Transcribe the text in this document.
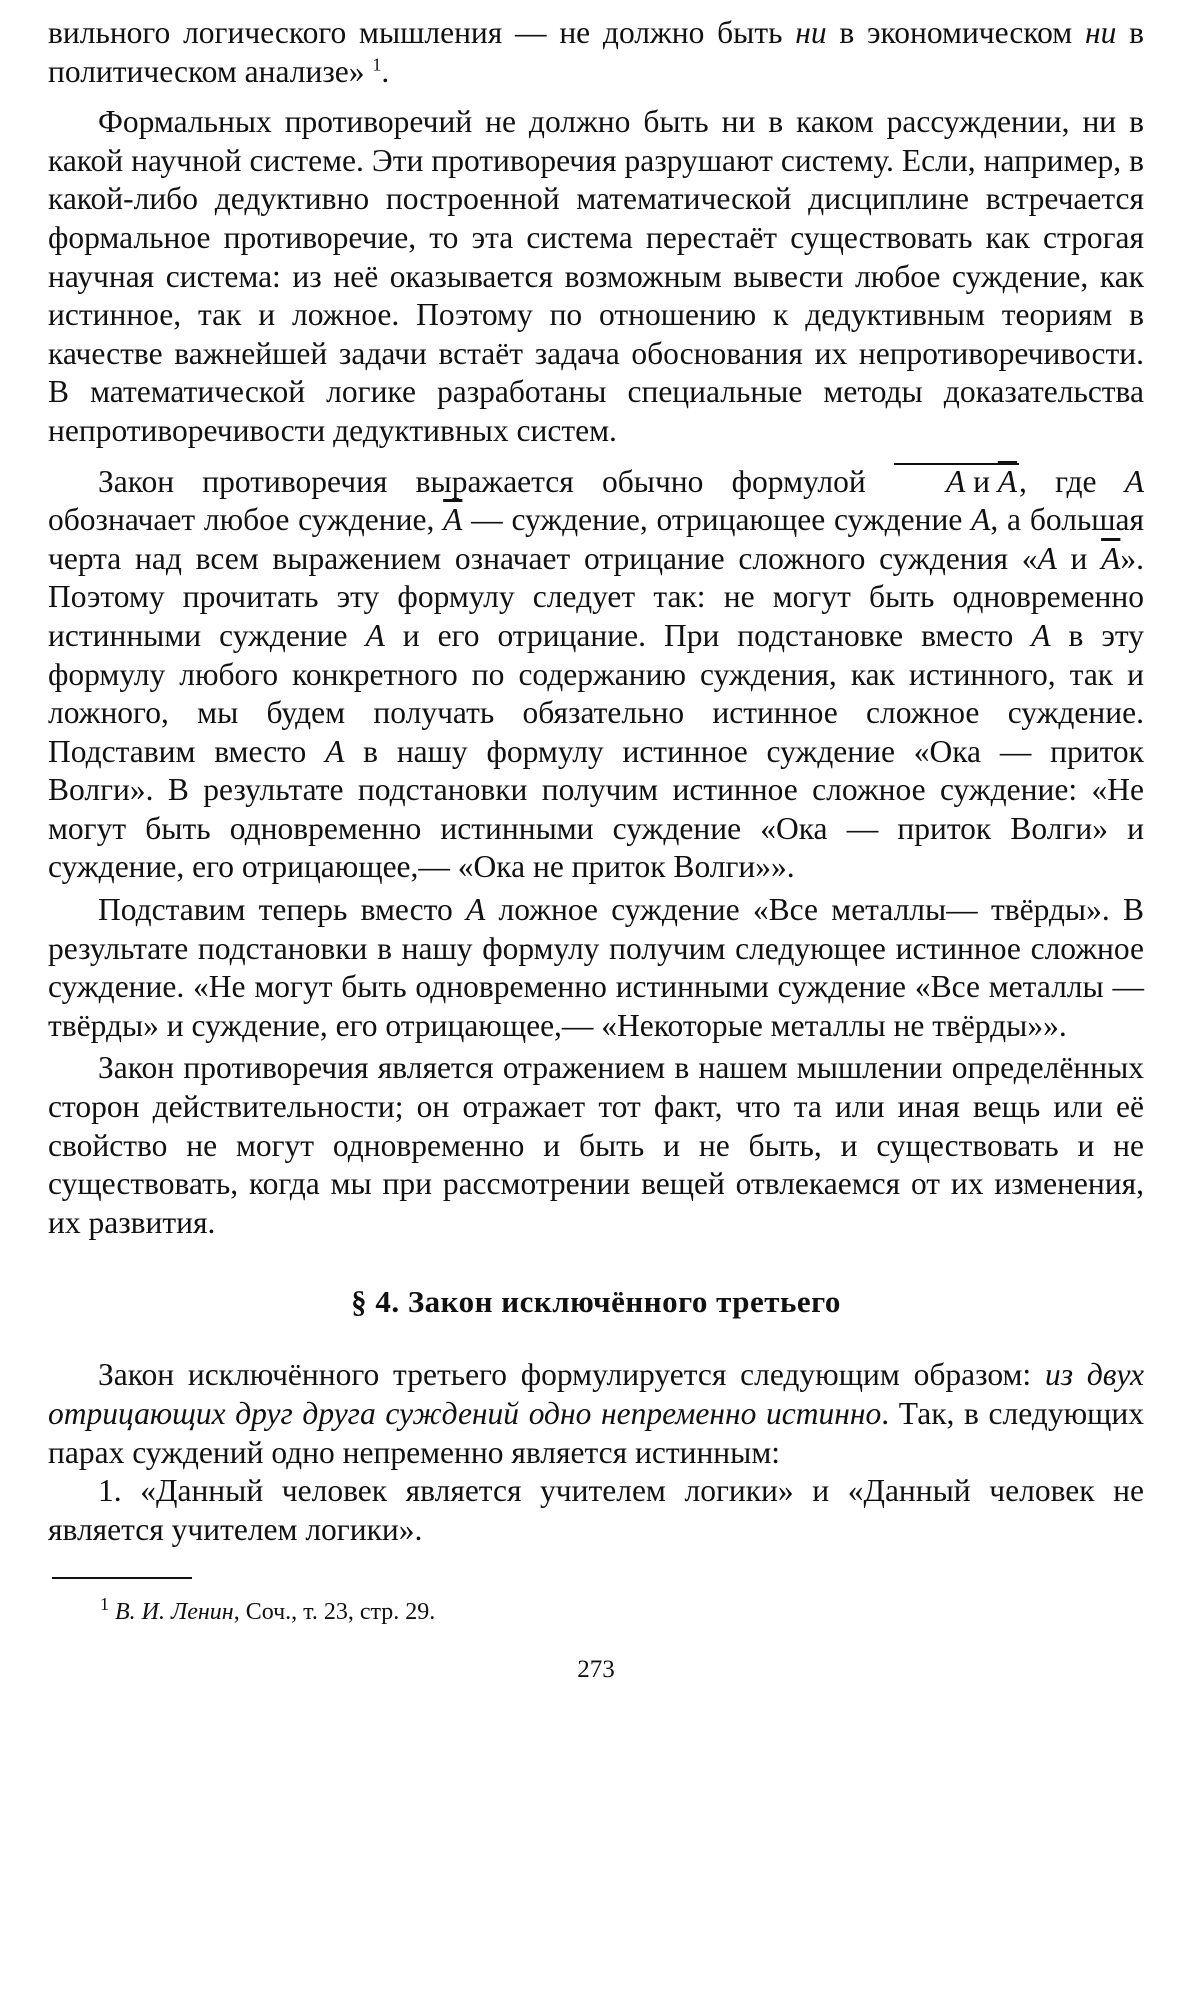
вильного логического мышления — не должно быть ни в экономическом ни в политическом анализе» $^1$.

Формальных противоречий не должно быть ни в каком рассуждении, ни в какой научной системе. Эти противоречия разрушают систему. Если, например, в какой-либо дедуктивно построенной математической дисциплине встречается формальное противоречие, то эта система перестаёт существовать как строгая научная система: из неё оказывается возможным вывести любое суждение, как истинное, так и ложное. Поэтому по отношению к дедуктивным теориям в качестве важнейшей задачи встаёт задача обоснования их непротиворечивости. В математической логике разработаны специальные методы доказательства непротиворечивости дедуктивных систем.

Закон противоречия выражается обычно формулой A и $\overline{A}$, где A обозначает любое суждение, $\overline{A}$ — суждение, отрицающее суждение A, а большая черта над всем выражением означает отрицание сложного суждения «A и $\overline{A}$». Поэтому прочитать эту формулу следует так: не могут быть одновременно истинными суждение A и его отрицание. При подстановке вместо A в эту формулу любого конкретного по содержанию суждения, как истинного, так и ложного, мы будем получать обязательно истинное сложное суждение. Подставим вместо A в нашу формулу истинное суждение «Ока — приток Волги». В результате подстановки получим истинное сложное суждение: «Не могут быть одновременно истинными суждение «Ока — приток Волги» и суждение, его отрицающее,— «Ока не приток Волги»».

Подставим теперь вместо A ложное суждение «Все металлы— твёрды». В результате подстановки в нашу формулу получим следующее истинное сложное суждение. «Не могут быть одновременно истинными суждение «Все металлы — твёрды» и суждение, его отрицающее,— «Некоторые металлы не твёрды»».

Закон противоречия является отражением в нашем мышлении определённых сторон действительности; он отражает тот факт, что та или иная вещь или её свойство не могут одновременно и быть и не быть, и существовать и не существовать, когда мы при рассмотрении вещей отвлекаемся от их изменения, их развития.

§ 4. Закон исключённого третьего

Закон исключённого третьего формулируется следующим образом: из двух отрицающих друг друга суждений одно непременно истинно. Так, в следующих парах суждений одно непременно является истинным:

1. «Данный человек является учителем логики» и «Данный человек не является учителем логики».

$^1$ В. И. Ленин, Соч., т. 23, стр. 29.
273
